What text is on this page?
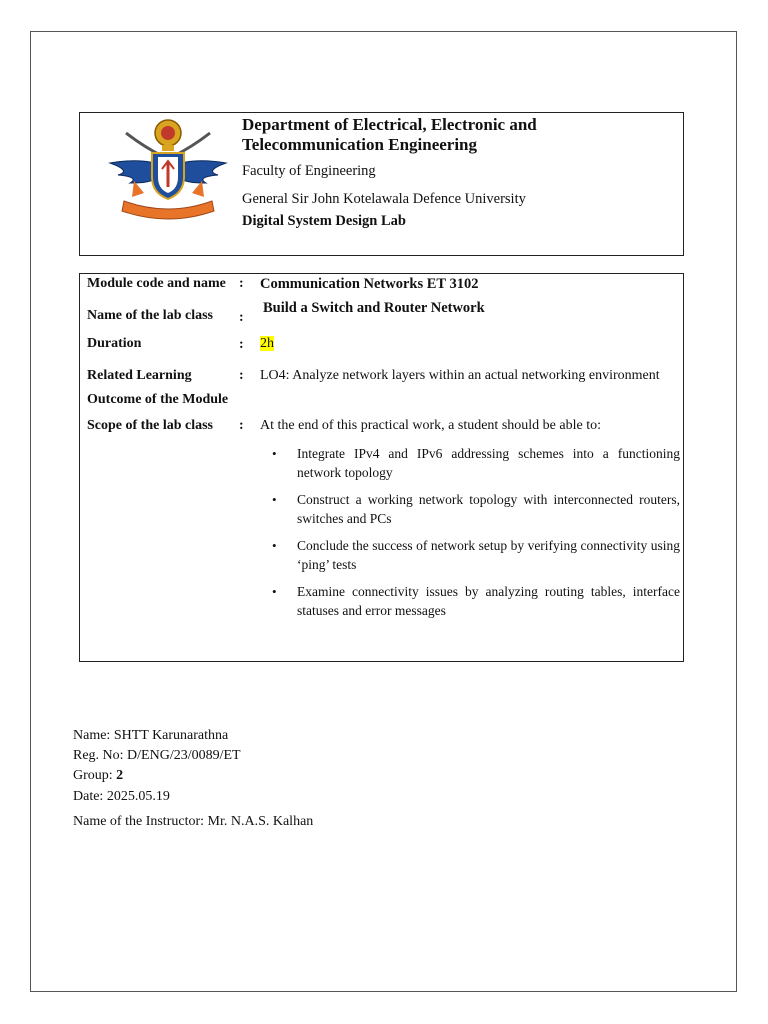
Department of Electrical, Electronic and Telecommunication Engineering
Faculty of Engineering
General Sir John Kotelawala Defence University
Digital System Design Lab
Module code and name : Communication Networks ET 3102
Name of the lab class :
Build a Switch and Router Network
Duration	: 2h
Related Learning
Outcome of the Module
: LO4: Analyze network layers within an actual networking environment
Scope of the lab class : At the end of this practical work, a student should be able to:
• Integrate IPv4 and IPv6 addressing schemes into a functioning network topology
• Construct a working network topology with interconnected routers, switches and PCs
• Conclude the success of network setup by verifying connectivity using ‘ping’ tests
• Examine connectivity issues by analyzing routing tables, interface statuses and error messages
Name: SHTT Karunarathna
Reg. No: D/ENG/23/0089/ET
Group: 2
Date: 2025.05.19
Name of the Instructor: Mr. N.A.S. Kalhan
